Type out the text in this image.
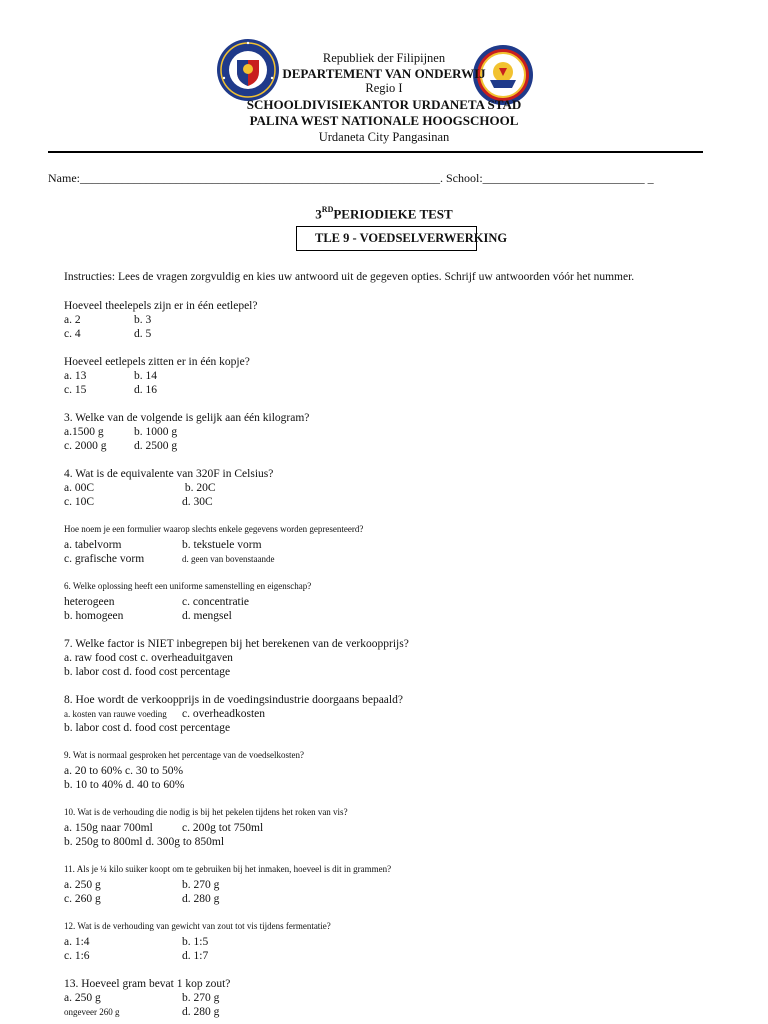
Republiek der Filipijnen
DEPARTEMENT VAN ONDERWIJ
Regio I
SCHOOLDIVISIEKANTOR URDANETA STAD
PALINA WEST NATIONALE HOOGSCHOOL
Urdaneta City Pangasinan
Name:____________________________________________________________. School:___________________________ _
3RDPERIODIEKE TEST
TLE 9 - VOEDSELVERWERKING
Instructies: Lees de vragen zorgvuldig en kies uw antwoord uit de gegeven opties. Schrijf uw antwoorden vóór het nummer.
Hoeveel theelepels zijn er in één eetlepel?
a. 2	b. 3
c. 4	d. 5
Hoeveel eetlepels zitten er in één kopje?
a. 13	b. 14
c. 15	d. 16
3. Welke van de volgende is gelijk aan één kilogram?
a.1500 g	b. 1000 g
c. 2000 g d. 2500 g
4. Wat is de equivalente van 320F in Celsius?
a. 00C	b. 20C
c. 10C	d. 30C
Hoe noem je een formulier waarop slechts enkele gegevens worden gepresenteerd?
a. tabelvorm	b. tekstuele vorm
c. grafische vorm	d. geen van bovenstaande
6. Welke oplossing heeft een uniforme samenstelling en eigenschap?
heterogeen	c. concentratie
b. homogeen	d. mengsel
7. Welke factor is NIET inbegrepen bij het berekenen van de verkoopprijs?
a. raw food cost c. overheaduitgaven
b. labor cost d. food cost percentage
8. Hoe wordt de verkoopprijs in de voedingsindustrie doorgaans bepaald?
a. kosten van rauwe voeding c. overheadkosten
b. labor cost d. food cost percentage
9. Wat is normaal gesproken het percentage van de voedselkosten?
a. 20 to 60% c. 30 to 50%
b. 10 to 40% d. 40 to 60%
10. Wat is de verhouding die nodig is bij het pekelen tijdens het roken van vis?
a. 150g naar 700ml	c. 200g tot 750ml
b. 250g to 800ml d. 300g to 850ml
11. Als je ¼ kilo suiker koopt om te gebruiken bij het inmaken, hoeveel is dit in grammen?
a. 250 g	b. 270 g
c. 260 g	d. 280 g
12. Wat is de verhouding van gewicht van zout tot vis tijdens fermentatie?
a. 1:4	b. 1:5
c. 1:6	d. 1:7
13. Hoeveel gram bevat 1 kop zout?
a. 250 g	b. 270 g
ongeveer 260 g	d. 280 g
